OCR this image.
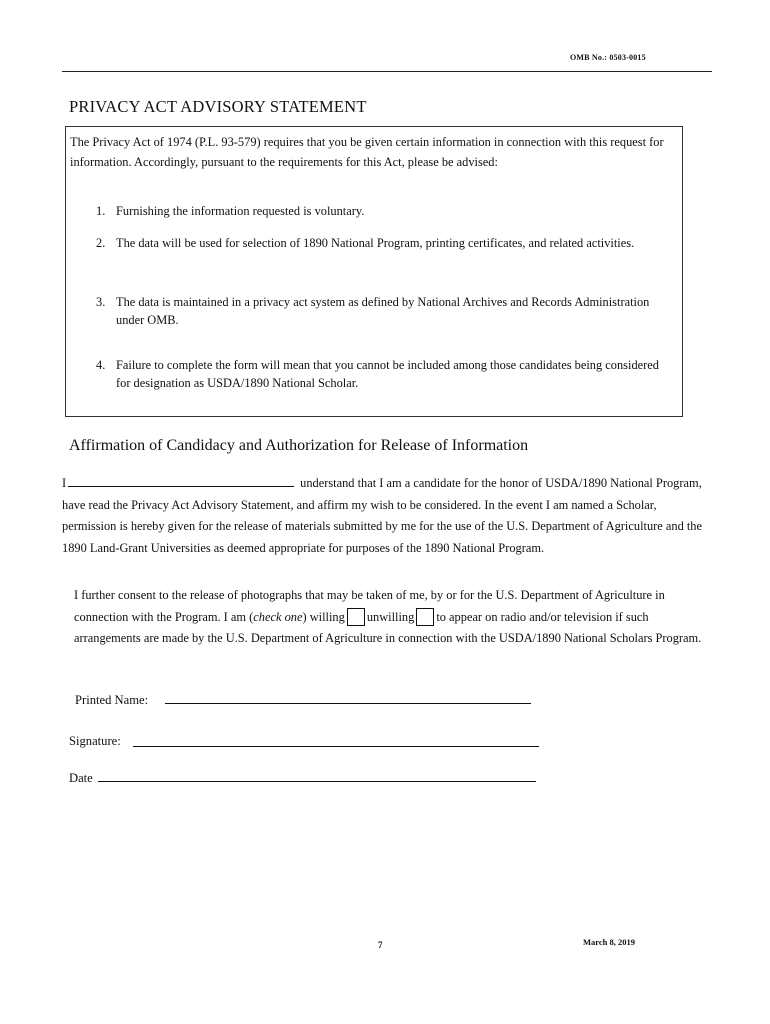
OMB No.: 0503-0015
PRIVACY ACT ADVISORY STATEMENT
The Privacy Act of 1974 (P.L. 93-579) requires that you be given certain information in connection with this request for information. Accordingly, pursuant to the requirements for this Act, please be advised:
1. Furnishing the information requested is voluntary.
2. The data will be used for selection of 1890 National Program, printing certificates, and related activities.
3. The data is maintained in a privacy act system as defined by National Archives and Records Administration under OMB.
4. Failure to complete the form will mean that you cannot be included among those candidates being considered for designation as USDA/1890 National Scholar.
Affirmation of Candidacy and Authorization for Release of Information
I	understand that I am a candidate for the honor of USDA/1890 National Program, have read the Privacy Act Advisory Statement, and affirm my wish to be considered. In the event I am named a Scholar, permission is hereby given for the release of materials submitted by me for the use of the U.S. Department of Agriculture and the 1890 Land-Grant Universities as deemed appropriate for purposes of the 1890 National Program.
I further consent to the release of photographs that may be taken of me, by or for the U.S. Department of Agriculture in connection with the Program. I am (check one) willing unwilling to appear on radio and/or television if such arrangements are made by the U.S. Department of Agriculture in connection with the USDA/1890 National Scholars Program.
Printed Name:
Signature:
Date
7	March 8, 2019
